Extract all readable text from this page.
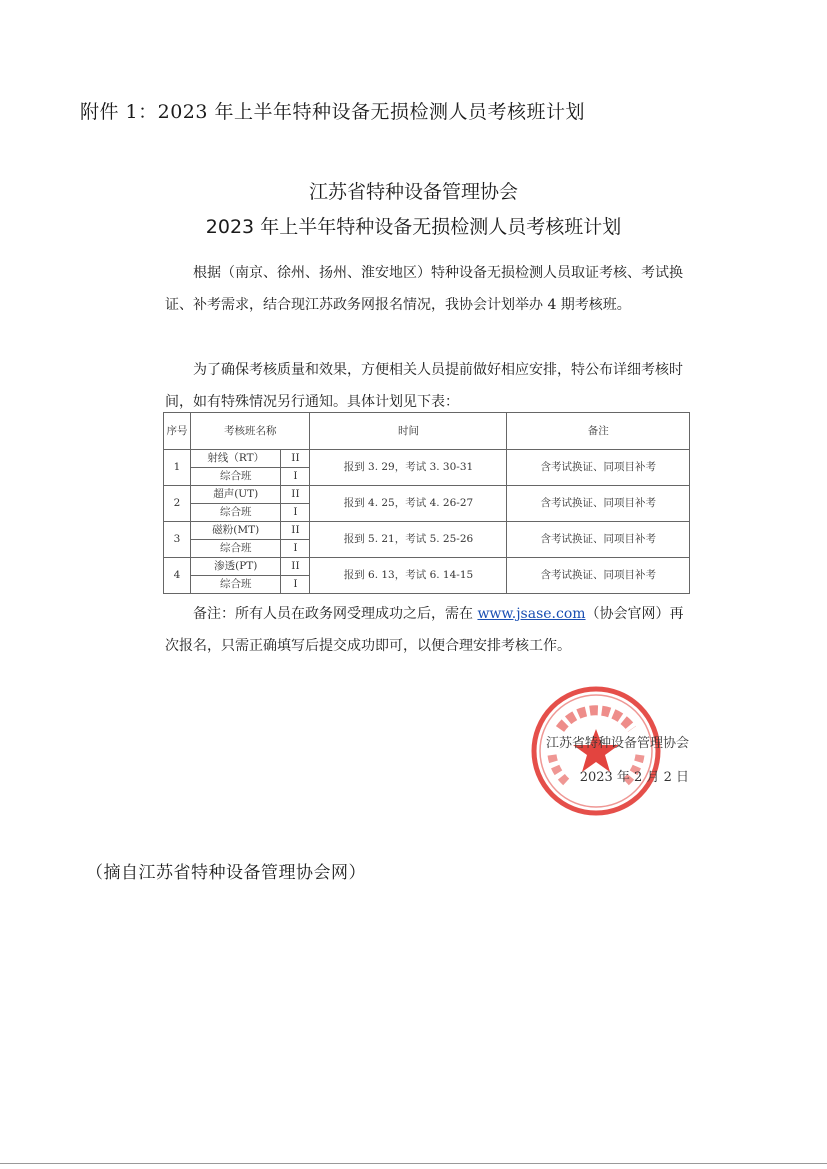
附件 1：2023 年上半年特种设备无损检测人员考核班计划
江苏省特种设备管理协会
2023 年上半年特种设备无损检测人员考核班计划
根据（南京、徐州、扬州、淮安地区）特种设备无损检测人员取证考核、考试换证、补考需求，结合现江苏政务网报名情况，我协会计划举办 4 期考核班。
为了确保考核质量和效果，方便相关人员提前做好相应安排，特公布详细考核时间，如有特殊情况另行通知。具体计划见下表：
序号	考核班名称		时间	备注
1	射线（RT）	II	报到 3. 29，考试 3. 30-31	含考试换证、同项目补考
	综合班	I		
2	超声(UT)	II	报到 4. 25，考试 4. 26-27	含考试换证、同项目补考
	综合班	I		
3	磁粉(MT)	II	报到 5. 21，考试 5. 25-26	含考试换证、同项目补考
	综合班	I		
4	渗透(PT)	II	报到 6. 13，考试 6. 14-15	含考试换证、同项目补考
	综合班	I		
备注：所有人员在政务网受理成功之后，需在 www.jsase.com（协会官网）再次报名，只需正确填写后提交成功即可，以便合理安排考核工作。
江苏省特种设备管理协会
2023 年 2 月 2 日
（摘自江苏省特种设备管理协会网）
